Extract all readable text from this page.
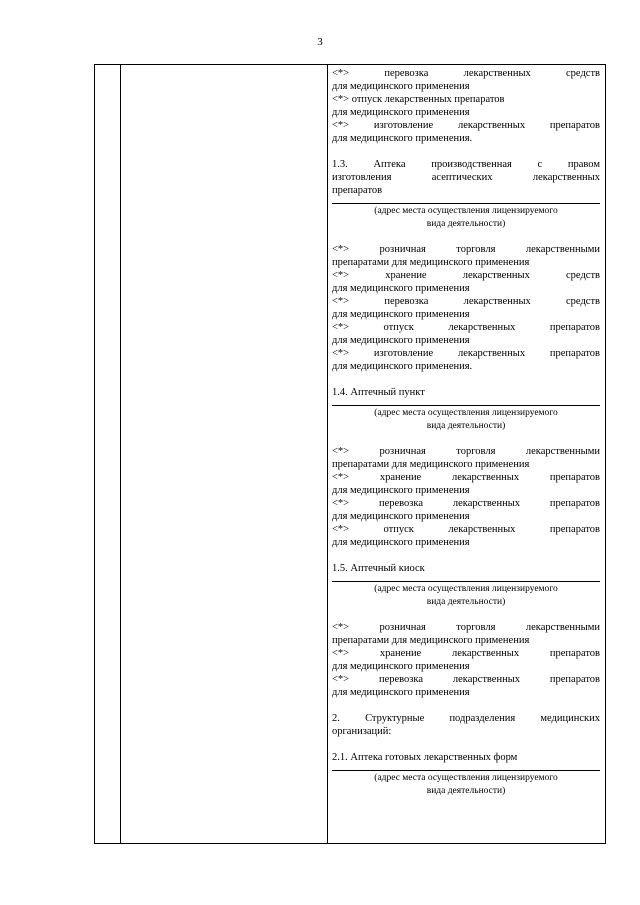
3
<*> перевозка лекарственных средств
для медицинского применения
<*> отпуск лекарственных препаратов
для медицинского применения
<*> изготовление лекарственных препаратов
для медицинского применения.
1.3. Аптека производственная с правом
изготовления асептических лекарственных
препаратов
(адрес места осуществления лицензируемого
вида деятельности)
<*> розничная торговля лекарственными
препаратами для медицинского применения
<*> хранение лекарственных средств
для медицинского применения
<*> перевозка лекарственных средств
для медицинского применения
<*> отпуск лекарственных препаратов
для медицинского применения
<*> изготовление лекарственных препаратов
для медицинского применения.
1.4. Аптечный пункт
(адрес места осуществления лицензируемого
вида деятельности)
<*> розничная торговля лекарственными
препаратами для медицинского применения
<*> хранение лекарственных препаратов
для медицинского применения
<*> перевозка лекарственных препаратов
для медицинского применения
<*> отпуск лекарственных препаратов
для медицинского применения
1.5. Аптечный киоск
(адрес места осуществления лицензируемого
вида деятельности)
<*> розничная торговля лекарственными
препаратами для медицинского применения
<*> хранение лекарственных препаратов
для медицинского применения
<*> перевозка лекарственных препаратов
для медицинского применения
2. Структурные подразделения медицинских
организаций:
2.1. Аптека готовых лекарственных форм
(адрес места осуществления лицензируемого
вида деятельности)
